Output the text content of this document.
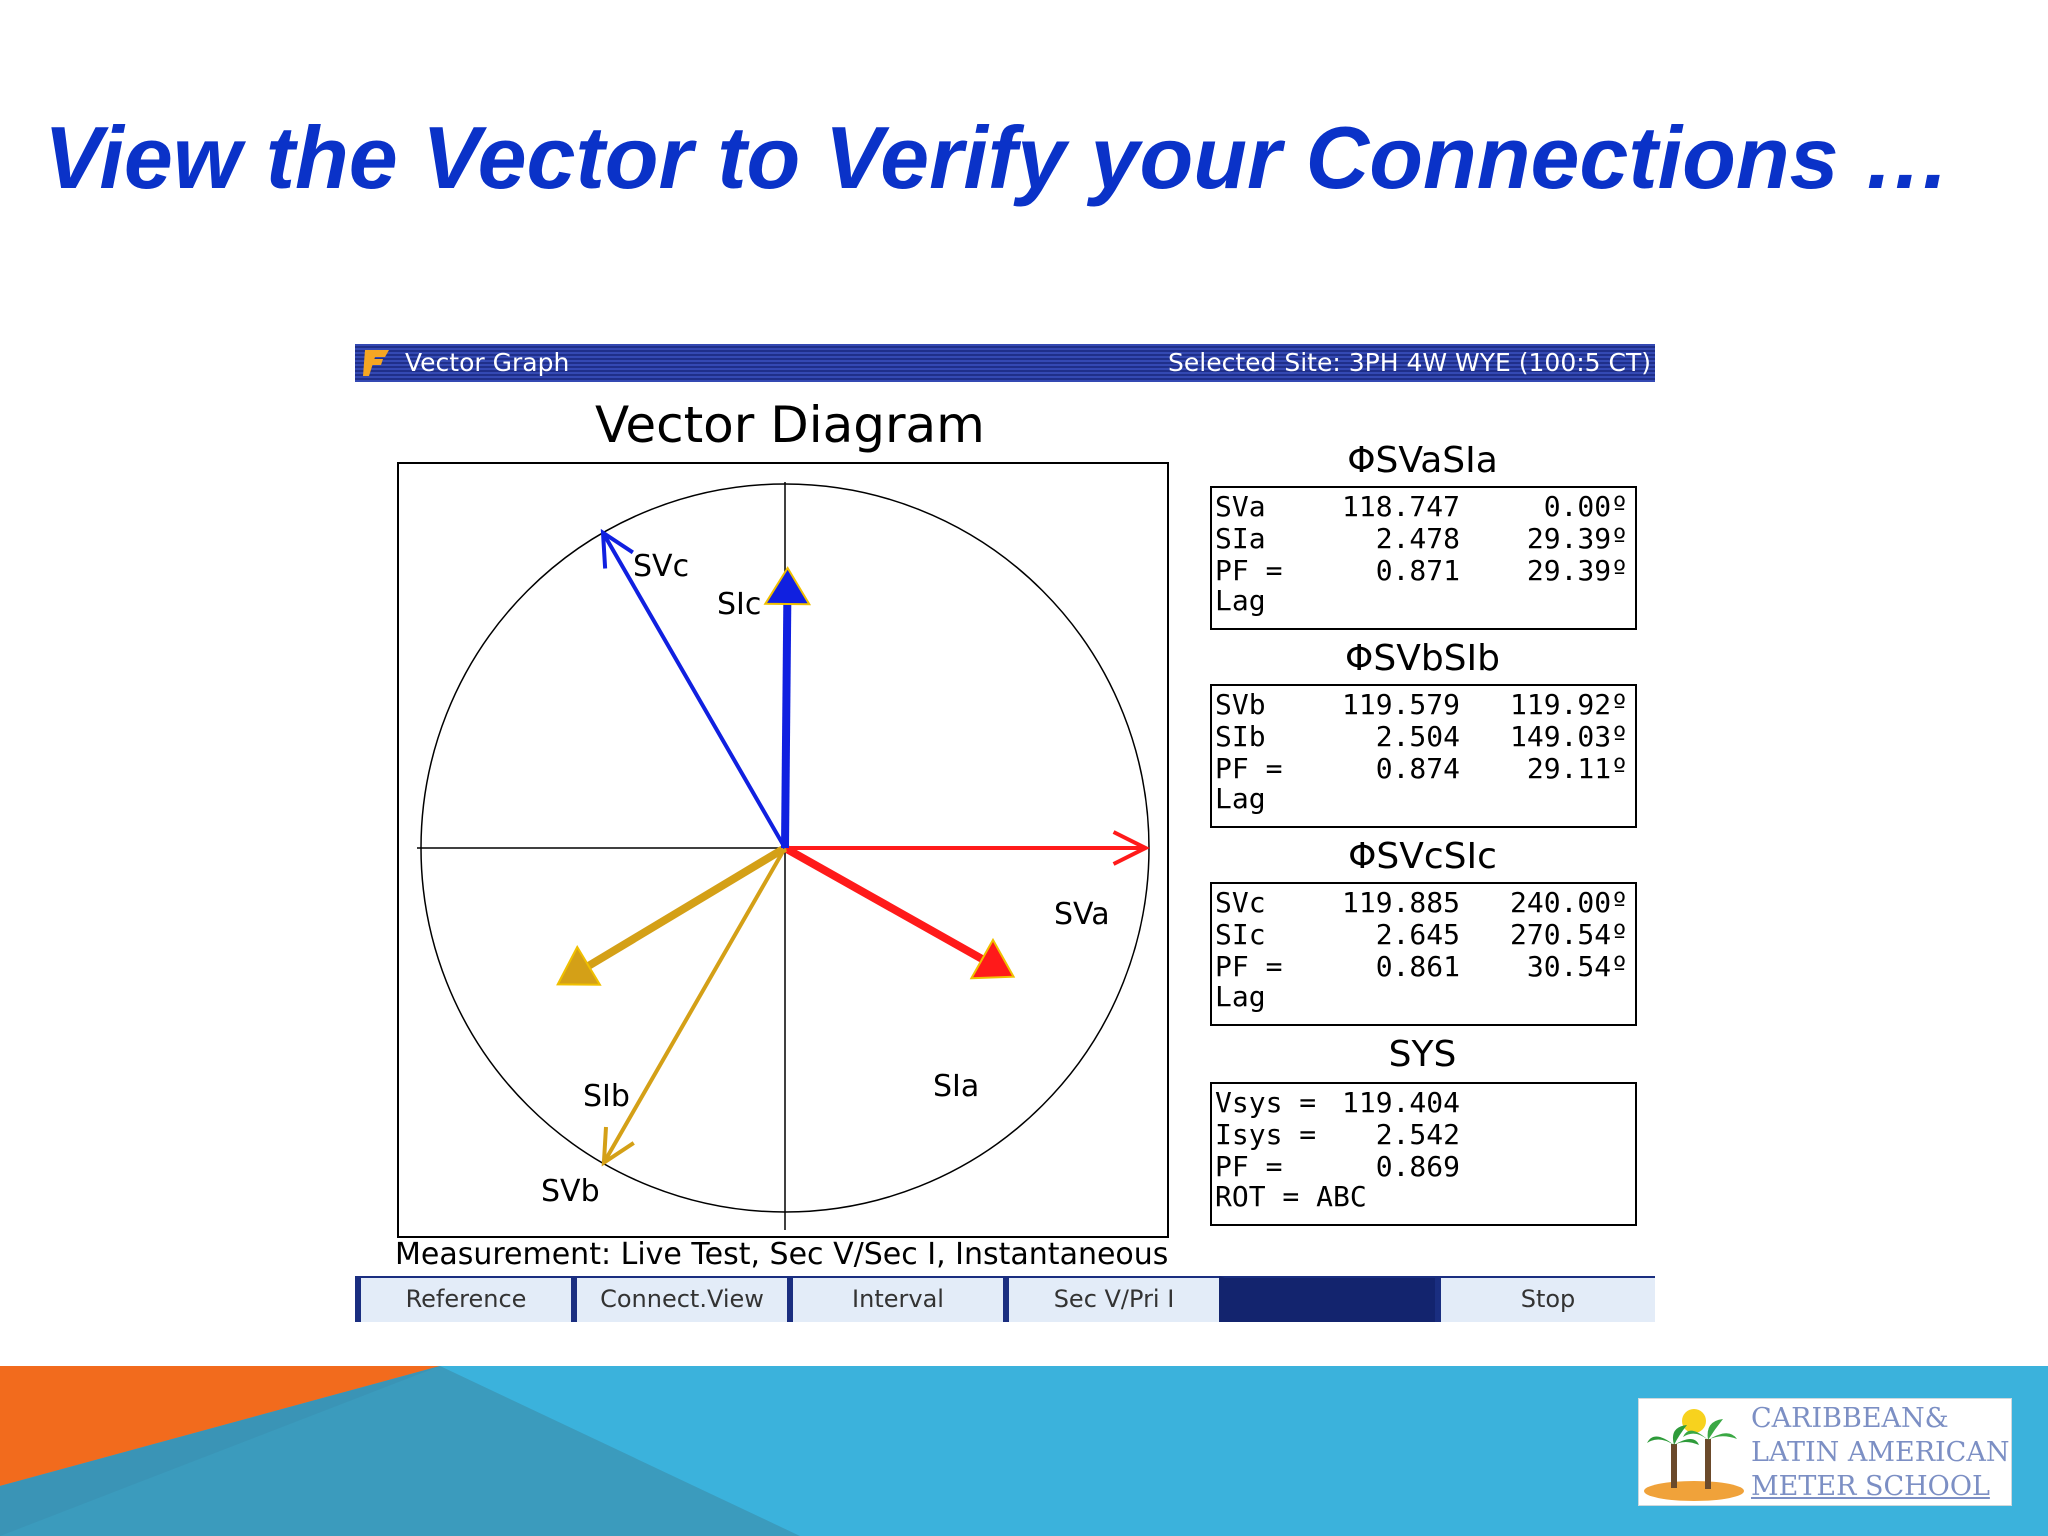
View the Vector to Verify your Connections …
Vector Graph	Selected Site: 3PH 4W WYE (100:5 CT)
Vector Diagram
SVa
SIa
SVb
SIb
SVc
SIc
ΦSVaSIa
SVa	118.747	0.00º
SIa	2.478 29.39º
PF =	0.871 29.39º
Lag
ΦSVbSIb
SVb	119.579 119.92º
SIb	2.504 149.03º
PF =	0.874 29.11º
Lag
ΦSVcSIc
SVc	119.885 240.00º
SIc	2.645 270.54º
PF =	0.861 30.54º
Lag
SYS
Vsys = 119.404
Isys = 2.542
PF =	0.869
ROT = ABC
Measurement: Live Test, Sec V/Sec I, Instantaneous
Reference	Connect.View	Interval	Sec V/Pri I	Stop
CARIBBEAN&
LATIN AMERICAN
METER SCHOOL
